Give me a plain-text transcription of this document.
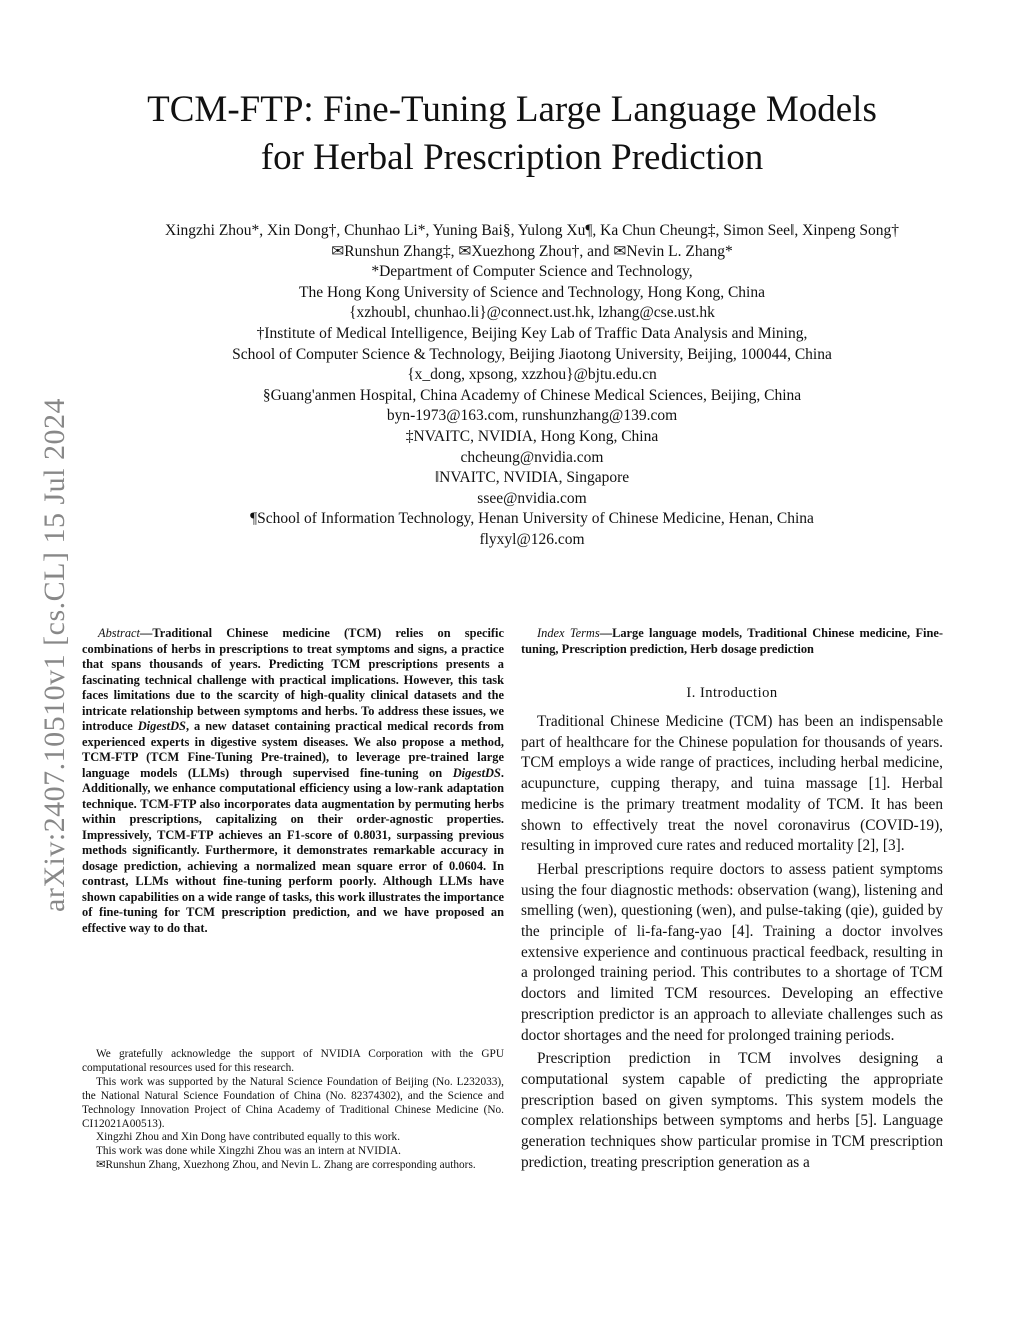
arXiv:2407.10510v1 [cs.CL] 15 Jul 2024
TCM-FTP: Fine-Tuning Large Language Models
for Herbal Prescription Prediction
Xingzhi Zhou*, Xin Dong†, Chunhao Li*, Yuning Bai§, Yulong Xu¶, Ka Chun Cheung‡, Simon See‖, Xinpeng Song†
✉Runshun Zhang‡, ✉Xuezhong Zhou†, and ✉Nevin L. Zhang*
*Department of Computer Science and Technology,
The Hong Kong University of Science and Technology, Hong Kong, China
{xzhoubl, chunhao.li}@connect.ust.hk, lzhang@cse.ust.hk
†Institute of Medical Intelligence, Beijing Key Lab of Traffic Data Analysis and Mining,
School of Computer Science & Technology, Beijing Jiaotong University, Beijing, 100044, China
{x_dong, xpsong, xzzhou}@bjtu.edu.cn
§Guang'anmen Hospital, China Academy of Chinese Medical Sciences, Beijing, China
byn-1973@163.com, runshunzhang@139.com
‡NVAITC, NVIDIA, Hong Kong, China
chcheung@nvidia.com
‖NVAITC, NVIDIA, Singapore
ssee@nvidia.com
¶School of Information Technology, Henan University of Chinese Medicine, Henan, China
flyxyl@126.com
Abstract—Traditional Chinese medicine (TCM) relies on specific combinations of herbs in prescriptions to treat symptoms and signs, a practice that spans thousands of years. Predicting TCM prescriptions presents a fascinating technical challenge with practical implications. However, this task faces limitations due to the scarcity of high-quality clinical datasets and the intricate relationship between symptoms and herbs. To address these issues, we introduce DigestDS, a new dataset containing practical medical records from experienced experts in digestive system diseases. We also propose a method, TCM-FTP (TCM Fine-Tuning Pre-trained), to leverage pre-trained large language models (LLMs) through supervised fine-tuning on DigestDS. Additionally, we enhance computational efficiency using a low-rank adaptation technique. TCM-FTP also incorporates data augmentation by permuting herbs within prescriptions, capitalizing on their order-agnostic properties. Impressively, TCM-FTP achieves an F1-score of 0.8031, surpassing previous methods significantly. Furthermore, it demonstrates remarkable accuracy in dosage prediction, achieving a normalized mean square error of 0.0604. In contrast, LLMs without fine-tuning perform poorly. Although LLMs have shown capabilities on a wide range of tasks, this work illustrates the importance of fine-tuning for TCM prescription prediction, and we have proposed an effective way to do that.

We gratefully acknowledge the support of NVIDIA Corporation with the GPU computational resources used for this research.

This work was supported by the Natural Science Foundation of Beijing (No. L232033), the National Natural Science Foundation of China (No. 82374302), and the Science and Technology Innovation Project of China Academy of Traditional Chinese Medicine (No. CI12021A00513).

Xingzhi Zhou and Xin Dong have contributed equally to this work.

This work was done while Xingzhi Zhou was an intern at NVIDIA.

✉Runshun Zhang, Xuezhong Zhou, and Nevin L. Zhang are corresponding authors.

Index Terms—Large language models, Traditional Chinese medicine, Fine-tuning, Prescription prediction, Herb dosage prediction
I. Introduction

Traditional Chinese Medicine (TCM) has been an indispensable part of healthcare for the Chinese population for thousands of years. TCM employs a wide range of practices, including herbal medicine, acupuncture, cupping therapy, and tuina massage [1]. Herbal medicine is the primary treatment modality of TCM. It has been shown to effectively treat the novel coronavirus (COVID-19), resulting in improved cure rates and reduced mortality [2], [3].

Herbal prescriptions require doctors to assess patient symptoms using the four diagnostic methods: observation (wang), listening and smelling (wen), questioning (wen), and pulse-taking (qie), guided by the principle of li-fa-fang-yao [4]. Training a doctor involves extensive experience and continuous practical feedback, resulting in a prolonged training period. This contributes to a shortage of TCM doctors and limited TCM resources. Developing an effective prescription predictor is an approach to alleviate challenges such as doctor shortages and the need for prolonged training periods.

Prescription prediction in TCM involves designing a computational system capable of predicting the appropriate prescription based on given symptoms. This system models the complex relationships between symptoms and herbs [5]. Language generation techniques show particular promise in TCM prescription prediction, treating prescription generation as a
